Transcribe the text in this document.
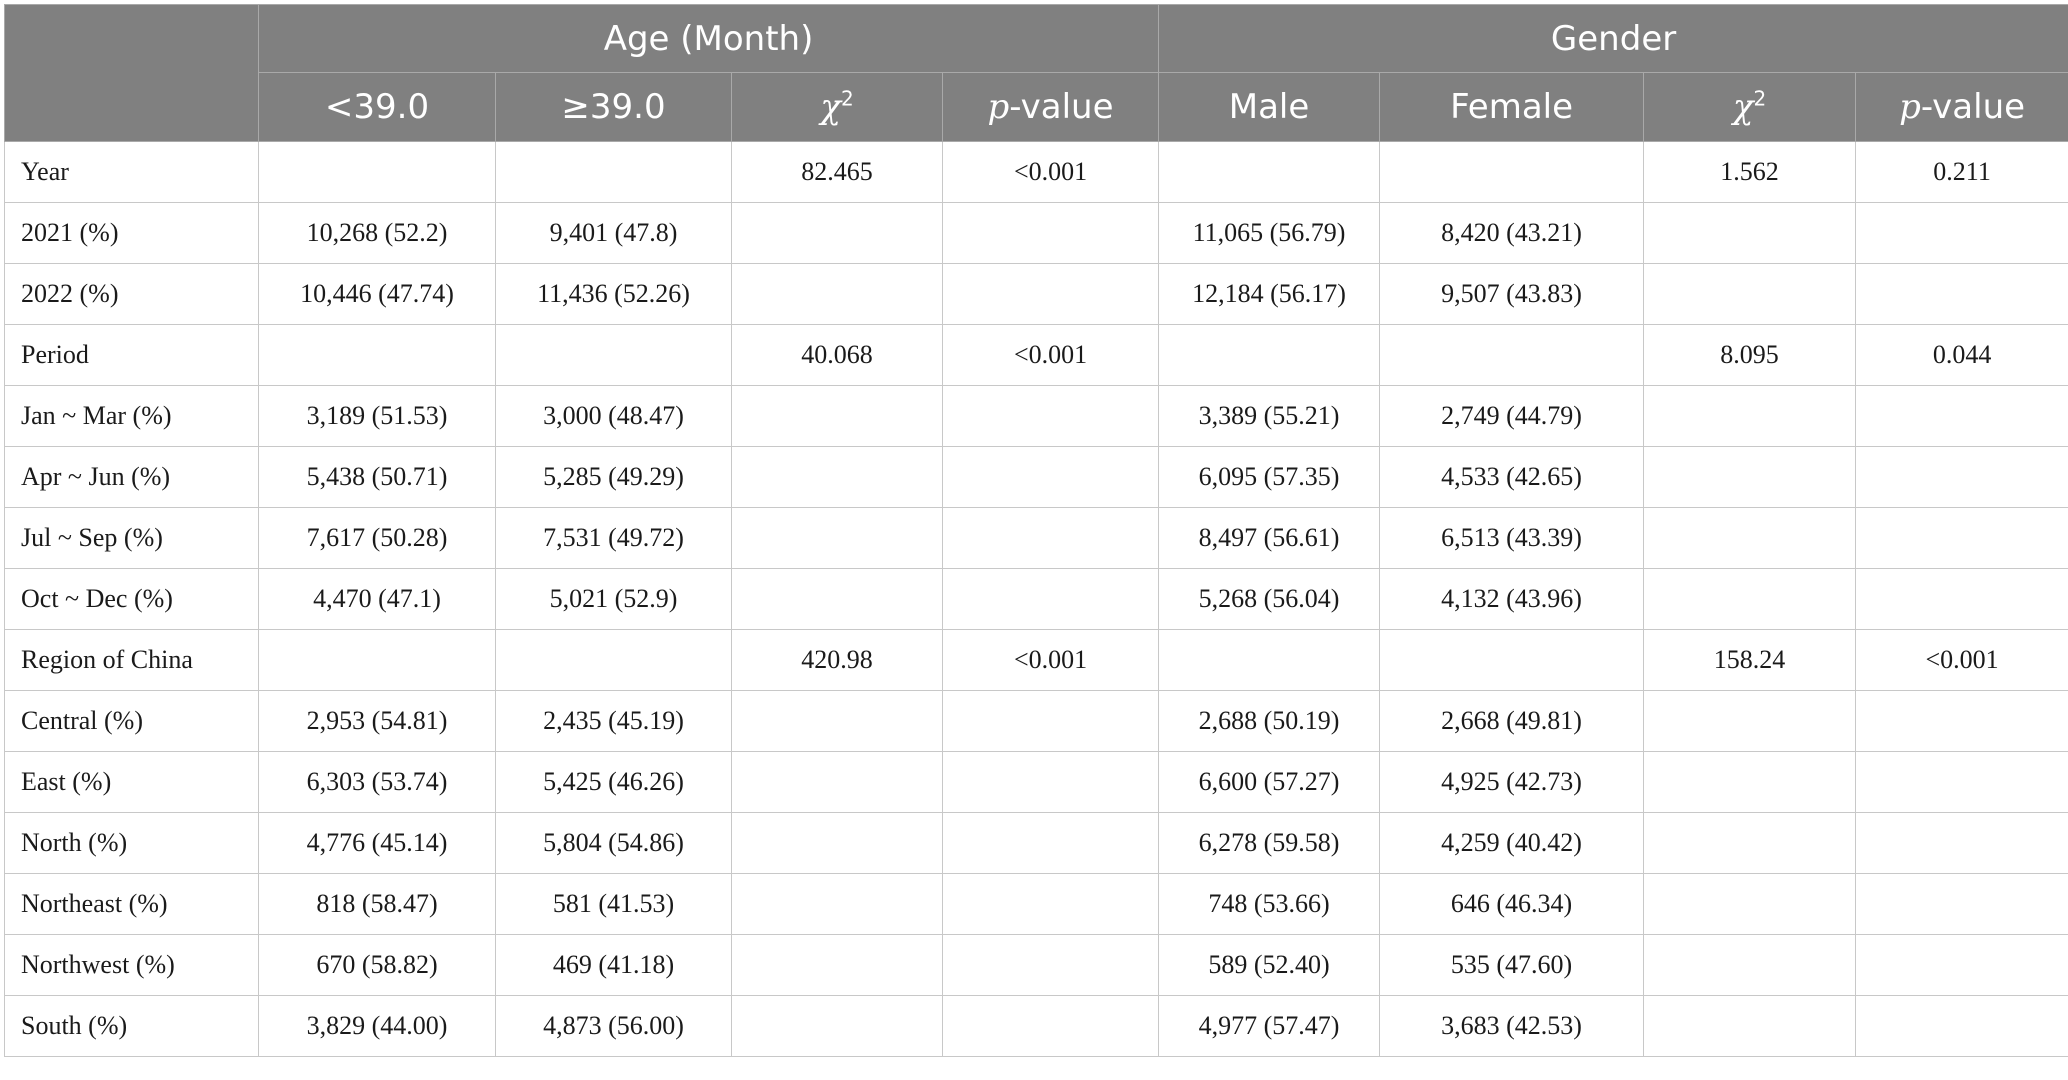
	Age (Month)				Gender			
	<39.0	≥39.0	$\chi^2$	p-value	Male	Female	$\chi^2$	p-value
Year			82.465	<0.001			1.562	0.211
2021 (%)	10,268 (52.2)	9,401 (47.8)			11,065 (56.79)	8,420 (43.21)		
2022 (%)	10,446 (47.74)	11,436 (52.26)			12,184 (56.17)	9,507 (43.83)		
Period			40.068	<0.001			8.095	0.044
Jan ~ Mar (%)	3,189 (51.53)	3,000 (48.47)			3,389 (55.21)	2,749 (44.79)		
Apr ~ Jun (%)	5,438 (50.71)	5,285 (49.29)			6,095 (57.35)	4,533 (42.65)		
Jul ~ Sep (%)	7,617 (50.28)	7,531 (49.72)			8,497 (56.61)	6,513 (43.39)		
Oct ~ Dec (%)	4,470 (47.1)	5,021 (52.9)			5,268 (56.04)	4,132 (43.96)		
Region of China			420.98	<0.001			158.24	<0.001
Central (%)	2,953 (54.81)	2,435 (45.19)			2,688 (50.19)	2,668 (49.81)		
East (%)	6,303 (53.74)	5,425 (46.26)			6,600 (57.27)	4,925 (42.73)		
North (%)	4,776 (45.14)	5,804 (54.86)			6,278 (59.58)	4,259 (40.42)		
Northeast (%)	818 (58.47)	581 (41.53)			748 (53.66)	646 (46.34)		
Northwest (%)	670 (58.82)	469 (41.18)			589 (52.40)	535 (47.60)		
South (%)	3,829 (44.00)	4,873 (56.00)			4,977 (57.47)	3,683 (42.53)		
